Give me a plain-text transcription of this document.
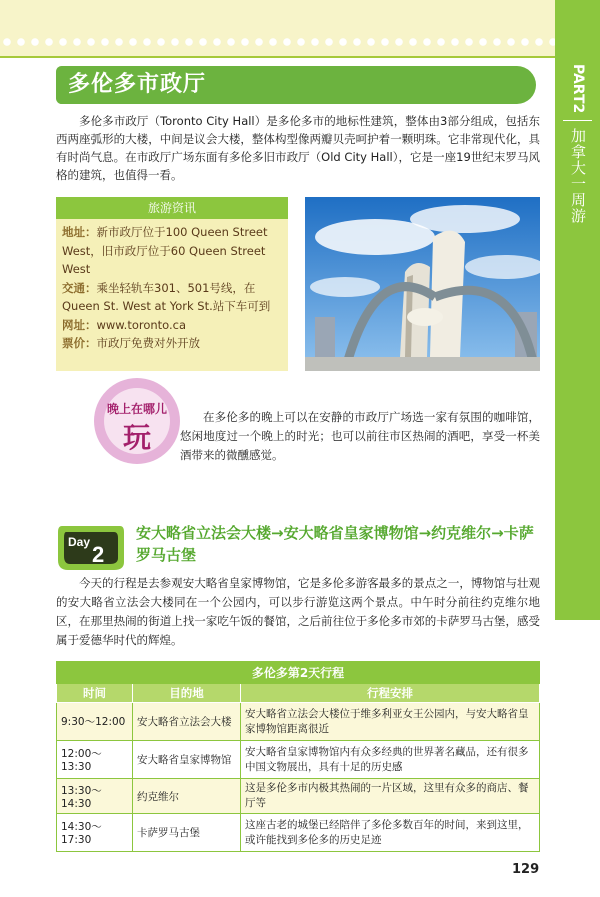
PART2
加拿大一周游
多伦多市政厅

多伦多市政厅（Toronto City Hall）是多伦多市的地标性建筑，整体由3部分组成，包括东西两座弧形的大楼，中间是议会大楼，整体构型像两瓣贝壳呵护着一颗明珠。它非常现代化，具有时尚气息。在市政厅广场东面有多伦多旧市政厅（Old City Hall），它是一座19世纪末罗马风格的建筑，也值得一看。

旅游资讯
地址：新市政厅位于100 Queen Street West，旧市政厅位于60 Queen Street West
交通：乘坐轻轨车301、501号线，在Queen St. West at York St.站下车可到
网址：www.toronto.ca
票价：市政厅免费对外开放
晚上在哪儿
玩

在多伦多的晚上可以在安静的市政厅广场选一家有氛围的咖啡馆，悠闲地度过一个晚上的时光；也可以前往市区热闹的酒吧，享受一杯美酒带来的微醺感觉。

Day 2
安大略省立法会大楼→安大略省皇家博物馆→约克维尔→卡萨罗马古堡

今天的行程是去参观安大略省皇家博物馆，它是多伦多游客最多的景点之一，博物馆与壮观的安大略省立法会大楼同在一个公园内，可以步行游览这两个景点。中午时分前往约克维尔地区，在那里热闹的街道上找一家吃午饭的餐馆，之后前往位于多伦多市郊的卡萨罗马古堡，感受属于爱德华时代的辉煌。

多伦多第2天行程		
时间	目的地	行程安排
9:30～12:00	安大略省立法会大楼	安大略省立法会大楼位于维多利亚女王公园内，与安大略省皇家博物馆距离很近
12:00～13:30	安大略省皇家博物馆	安大略省皇家博物馆内有众多经典的世界著名藏品，还有很多中国文物展出，具有十足的历史感
13:30～14:30	约克维尔	这是多伦多市内极其热闹的一片区域，这里有众多的商店、餐厅等
14:30～17:30	卡萨罗马古堡	这座古老的城堡已经陪伴了多伦多数百年的时间，来到这里，或许能找到多伦多的历史足迹
129
